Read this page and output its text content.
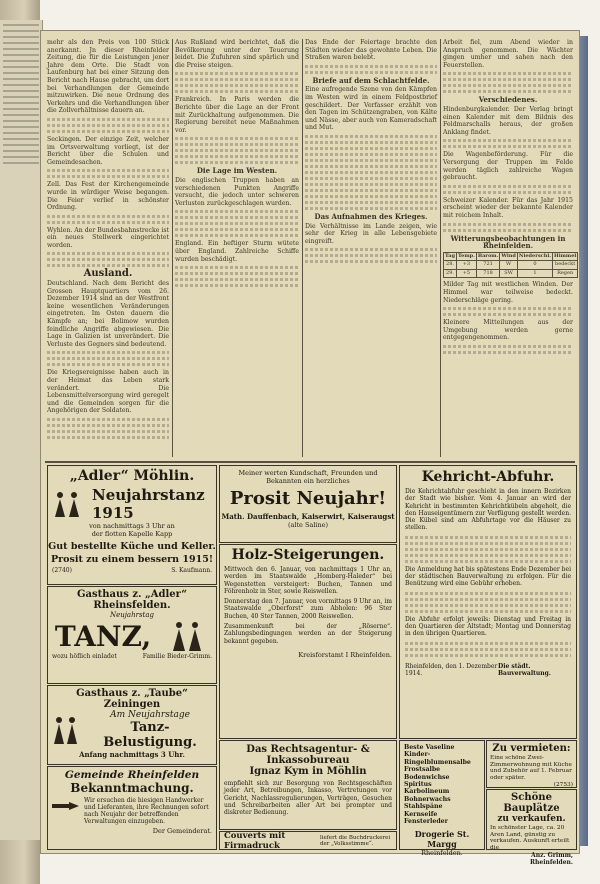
mehr als den Preis von 100 Stück anerkannt. Jn dieser Rheinfelder Zeitung, die für die Leistungen jener Jahre dem Orte. Die Stadt von Laufenburg hat bei einer Sitzung den Bericht nach Hause gebracht, um dort bei Verhandlungen der Gemeinde mitzuwirken. Die neue Ordnung des Verkehrs und die Verhandlungen über die Zollverhältnisse dauern an.

Seckingen. Der einzige Zeit, welcher im Ortsverwaltung vorliegt, ist der Bericht über die Schulen und Gemeindesachen.

Zell. Das Fest der Kirchengemeinde wurde in würdiger Weise begangen. Die Feier verlief in schönster Ordnung.

Wyhlen. An der Bundesbahnstrecke ist ein neues Stellwerk eingerichtet worden.

Ausland.

Deutschland. Nach dem Bericht des Grossen Hauptquartiers vom 26. Dezember 1914 sind an der Westfront keine wesentlichen Veränderungen eingetreten. Im Osten dauern die Kämpfe an; bei Bolimow wurden feindliche Angriffe abgewiesen. Die Lage in Galizien ist unverändert. Die Verluste des Gegners sind bedeutend.

Die Kriegsereignisse haben auch in der Heimat das Leben stark verändert. Die Lebensmittelversorgung wird geregelt und die Gemeinden sorgen für die Angehörigen der Soldaten.

Aus Rußland wird berichtet, daß die Bevölkerung unter der Teuerung leidet. Die Zufuhren sind spärlich und die Preise steigen.

Frankreich. In Paris werden die Berichte über die Lage an der Front mit Zurückhaltung aufgenommen. Die Regierung bereitet neue Maßnahmen vor.

Die Lage im Westen.

Die englischen Truppen haben an verschiedenen Punkten Angriffe versucht, die jedoch unter schweren Verlusten zurückgeschlagen wurden.

England. Ein heftiger Sturm wütete über England. Zahlreiche Schiffe wurden beschädigt.

Das Ende der Feiertage brachte den Städten wieder das gewohnte Leben. Die Straßen waren belebt.

Briefe auf dem Schlachtfelde.

Eine aufregende Szene von den Kämpfen im Westen wird in einem Feldpostbrief geschildert. Der Verfasser erzählt von den Tagen im Schützengraben, von Kälte und Nässe, aber auch von Kameradschaft und Mut.

Das Aufnahmen des Krieges.

Die Verhältnisse im Lande zeigen, wie sehr der Krieg in alle Lebensgebiete eingreift.

Arbeit fiel, zum Abend wieder in Anspruch genommen. Die Wächter gingen umher und sahen nach den Feuerstellen.

Verschiedenes.

Hindenburgkalender. Der Verlag bringt einen Kalender mit dem Bildnis des Feldmarschalls heraus, der großen Anklang findet.

Die Wagenbeförderung. Für die Versorgung der Truppen im Felde werden täglich zahlreiche Wagen gebraucht.

Schweizer Kalender. Für das Jahr 1915 erscheint wieder der bekannte Kalender mit reichem Inhalt.

Witterungsbeobachtungen in Rheinfelden.
Tag	Temp.	Barom.	Wind	Niederschl.	Himmel
28.	+3	721	W	0	bedeckt
29.	+5	718	SW	1	Regen

Milder Tag mit westlichen Winden. Der Himmel war teilweise bedeckt. Niederschläge gering.

Kleinere Mitteilungen aus der Umgebung werden gerne entgegengenommen.

„Adler“ Möhlin.
Neujahrstanz 1915
von nachmittags 3 Uhr an
der flotten Kapelle Kapp
Gut bestellte Küche und Keller.
Prosit zu einem bessern 1915!
(2740)	S. Kaufmann.
Gasthaus z. „Adler“ Rheinsfelden.
Neujahrstag
TANZ,
wozu höflich einladet	Familie Bieder-Grimm.
Gasthaus z. „Taube“ Zeiningen
Am Neujahrstage
Tanz-Belustigung.
Anfang nachmittags 3 Uhr.
Gemeinde Rheinfelden
Bekanntmachung.
Wir ersuchen die hiesigen Handwerker und Lieferanten, ihre Rechnungen sofort nach Neujahr der betreffenden Verwaltungen einzugeben.
Der Gemeinderat.
Meiner werten Kundschaft, Freunden und Bekannten ein herzliches
Prosit Neujahr!
Math. Dauffenbach, Kaiserwirt, Kaiseraugst
(alte Saline)
Holz-Steigerungen.

Mittwoch den 6. Januar, von nachmittags 1 Uhr an, werden im Staatswalde „Homberg-Haleder“ bei Wegenstetten versteigert: Buchen, Tannen und Föhrenholz in Ster, sowie Reiswellen.

Donnerstag den 7. Januar, von vormittags 9 Uhr an, im Staatswalde „Oberforst“ zum Abholen: 96 Ster Buchen, 40 Ster Tannen, 2000 Reiswellen.

Zusammenkunft bei der „Röserne“. Zahlungsbedingungen werden an der Steigerung bekannt gegeben.

Kreisforstamt I Rheinfelden.
Das Rechtsagentur- & Inkassobureau
Ignaz Kym in Möhlin
empfiehlt sich zur Besorgung von Rechtsgeschäften jeder Art, Betreibungen, Inkasso, Vertretungen vor Gericht, Nachlassregulierungen, Verträgen, Gesuchen und Schreibarbeiten aller Art bei prompter und diskreter Bedienung.
Couverts mit Firmadruck
liefert die Buchdruckerei der „Volksstimme“.
Kehricht-Abfuhr.

Die Kehrichtabfuhr geschieht in den innern Bezirken der Stadt wie bisher. Vom 4. Januar an wird der Kehricht in bestimmten Kehrichtkübeln abgeholt, die den Hauseigentümern zur Verfügung gestellt werden. Die Kübel sind am Abfuhrtage vor die Häuser zu stellen.

Die Anmeldung hat bis spätestens Ende Dezember bei der städtischen Bauverwaltung zu erfolgen. Für die Benützung wird eine Gebühr erhoben.

Die Abfuhr erfolgt jeweils: Dienstag und Freitag in den Quartieren der Altstadt; Montag und Donnerstag in den übrigen Quartieren.

Rheinfelden, den 1. Dezember 1914.
Die städt. Bauverwaltung.
Beste Vaseline
Kinder-Ringelblumensalbe
Frostsalbe
Bodenwichse
Spiritus
Karbolineum
Bohnerwachs
Stahlspäne
Kernseife
Fensterleder
Drogerie St. Margg
Rheinfelden.
Zu vermieten:
Eine schöne Zwei-Zimmerwohnung mit Küche und Zubehör auf 1. Februar oder später.
(2753)
Schöne Bauplätze
zu verkaufen.
In schönster Lage, ca. 20 Aren Land, günstig zu verkaufen. Auskunft erteilt die
Anz. Grimm, Rheinfelden.
